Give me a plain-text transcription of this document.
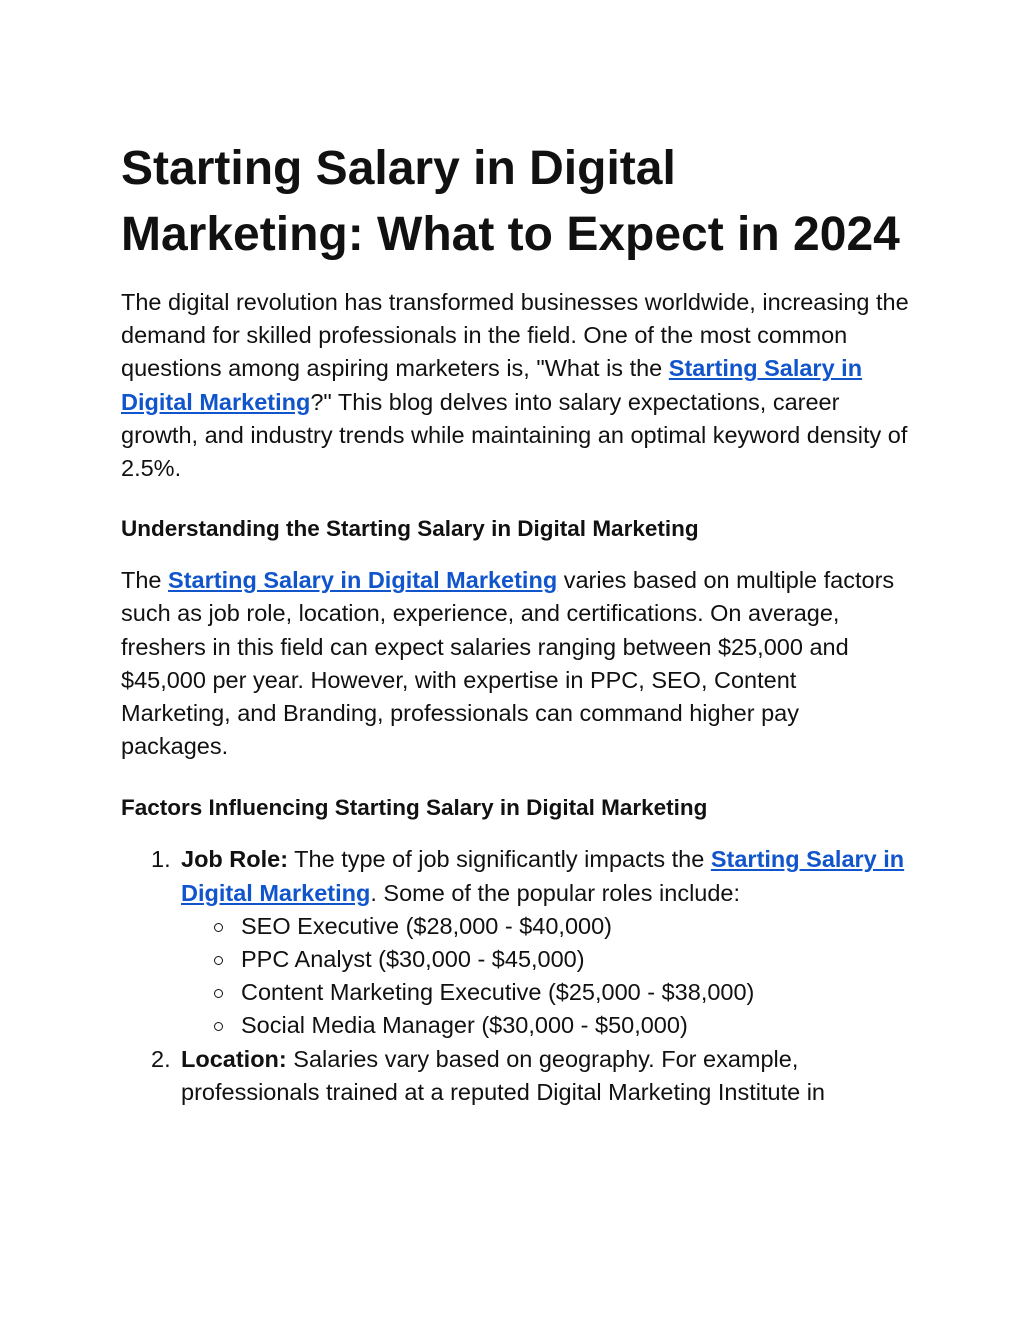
Starting Salary in Digital Marketing: What to Expect in 2024

The digital revolution has transformed businesses worldwide, increasing the demand for skilled professionals in the field. One of the most common questions among aspiring marketers is, "What is the Starting Salary in Digital Marketing?" This blog delves into salary expectations, career growth, and industry trends while maintaining an optimal keyword density of 2.5%.

Understanding the Starting Salary in Digital Marketing

The Starting Salary in Digital Marketing varies based on multiple factors such as job role, location, experience, and certifications. On average, freshers in this field can expect salaries ranging between $25,000 and $45,000 per year. However, with expertise in PPC, SEO, Content Marketing, and Branding, professionals can command higher pay packages.

Factors Influencing Starting Salary in Digital Marketing
1. Job Role: The type of job significantly impacts the Starting Salary in Digital Marketing. Some of the popular roles include:
SEO Executive ($28,000 - $40,000)
PPC Analyst ($30,000 - $45,000)
Content Marketing Executive ($25,000 - $38,000)
Social Media Manager ($30,000 - $50,000)
2. Location: Salaries vary based on geography. For example, professionals trained at a reputed Digital Marketing Institute in
